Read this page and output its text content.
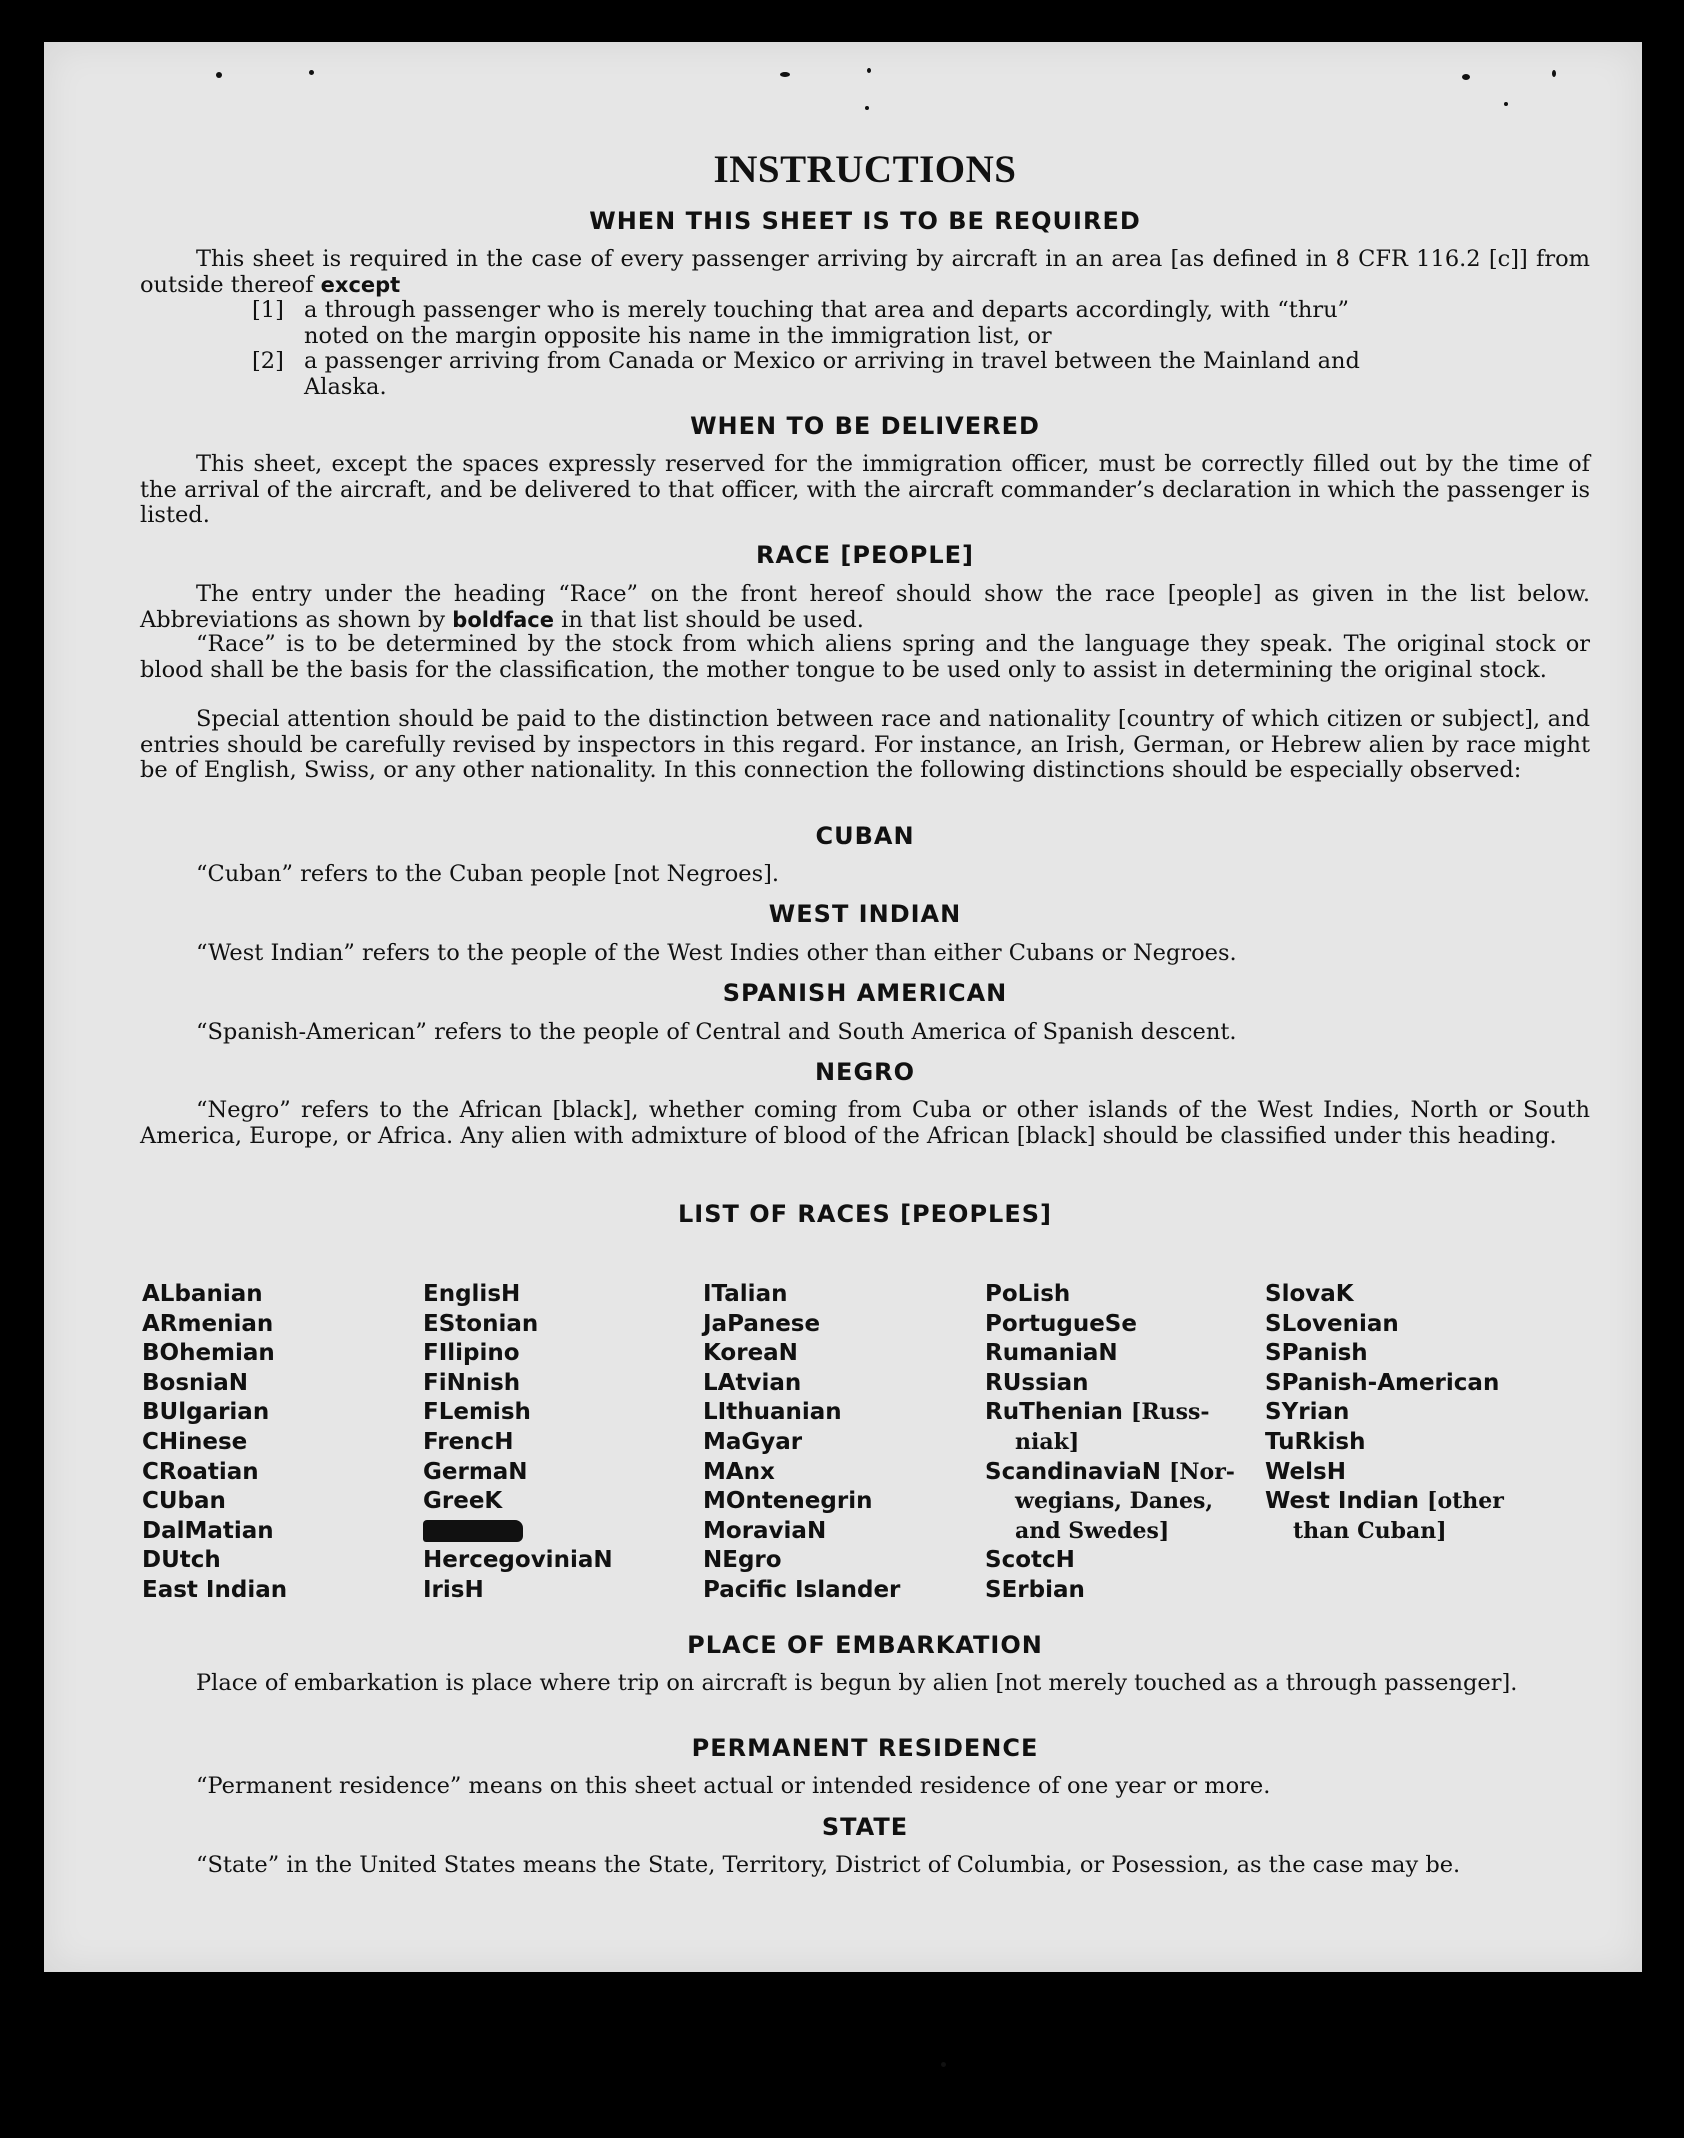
INSTRUCTIONS
WHEN THIS SHEET IS TO BE REQUIRED
This sheet is required in the case of every passenger arriving by aircraft in an area [as defined in 8 CFR 116.2 [c]] from outside thereof except
[1] a through passenger who is merely touching that area and departs accordingly, with “thru”
noted on the margin opposite his name in the immigration list, or
[2] a passenger arriving from Canada or Mexico or arriving in travel between the Mainland and
Alaska.
WHEN TO BE DELIVERED
This sheet, except the spaces expressly reserved for the immigration officer, must be correctly filled out by the time of the arrival of the aircraft, and be delivered to that officer, with the aircraft commander’s declaration in which the passenger is listed.
RACE [PEOPLE]
The entry under the heading “Race” on the front hereof should show the race [people] as given in the list below. Abbreviations as shown by boldface in that list should be used.
“Race” is to be determined by the stock from which aliens spring and the language they speak. The original stock or blood shall be the basis for the classification, the mother tongue to be used only to assist in determining the original stock.
Special attention should be paid to the distinction between race and nationality [country of which citizen or subject], and entries should be carefully revised by inspectors in this regard. For instance, an Irish, German, or Hebrew alien by race might be of English, Swiss, or any other nationality. In this connection the following distinctions should be especially observed:
CUBAN
“Cuban” refers to the Cuban people [not Negroes].
WEST INDIAN
“West Indian” refers to the people of the West Indies other than either Cubans or Negroes.
SPANISH AMERICAN
“Spanish-American” refers to the people of Central and South America of Spanish descent.
NEGRO
“Negro” refers to the African [black], whether coming from Cuba or other islands of the West Indies, North or South America, Europe, or Africa. Any alien with admixture of blood of the African [black] should be classified under this heading.
LIST OF RACES [PEOPLES]
ALbanian
ARmenian
BOhemian
BosniaN
BUlgarian
CHinese
CRoatian
CUban
DalMatian
DUtch
East Indian
EnglisH
EStonian
FIlipino
FiNnish
FLemish
FrencH
GermaN
GreeK
HercegoviniaN
IrisH
ITalian
JaPanese
KoreaN
LAtvian
LIthuanian
MaGyar
MAnx
MOntenegrin
MoraviaN
NEgro
Pacific Islander
PoLish
PortugueSe
RumaniaN
RUssian
RuThenian [Russ-
niak]
ScandinaviaN [Nor-
wegians, Danes,
and Swedes]
ScotcH
SErbian
SlovaK
SLovenian
SPanish
SPanish-American
SYrian
TuRkish
WelsH
West Indian [other
than Cuban]
PLACE OF EMBARKATION
Place of embarkation is place where trip on aircraft is begun by alien [not merely touched as a through passenger].
PERMANENT RESIDENCE
“Permanent residence” means on this sheet actual or intended residence of one year or more.
STATE
“State” in the United States means the State, Territory, District of Columbia, or Posession, as the case may be.
